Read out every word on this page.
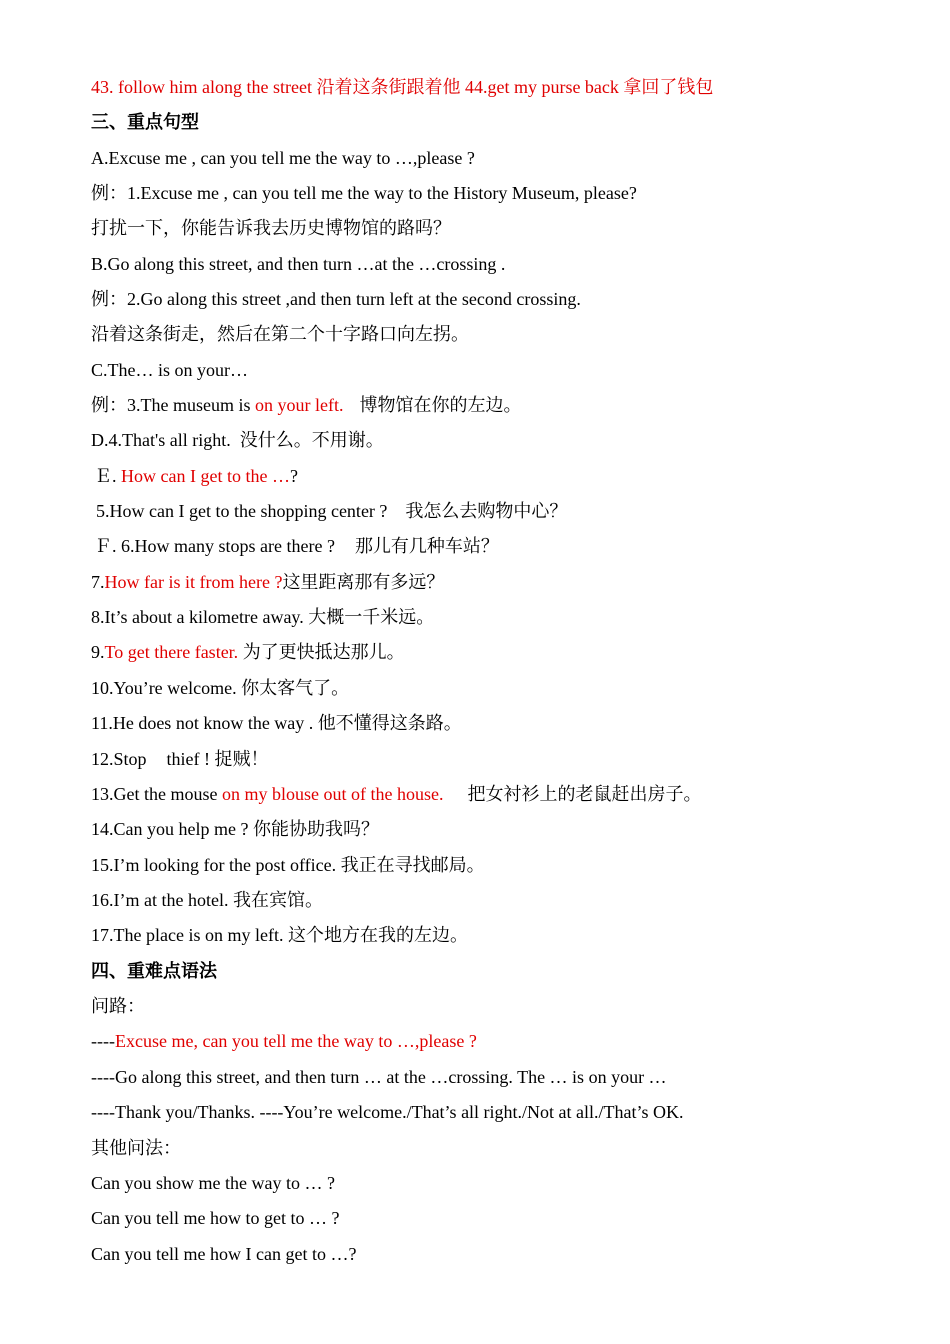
43. follow him along the street 沿着这条街跟着他 44.get my purse back 拿回了钱包
三、重点句型
A.Excuse me , can you tell me the way to …,please ?
例：1.Excuse me , can you tell me the way to the History Museum, please?
打扰一下，你能告诉我去历史博物馆的路吗？
B.Go along this street, and then turn …at the …crossing .
例：2.Go along this street ,and then turn left at the second crossing.
沿着这条街走，然后在第二个十字路口向左拐。
C.The… is on your…
例：3.The museum is on your left. 博物馆在你的左边。
D.4.That's all right. 没什么。不用谢。
Ｅ. How can I get to the …?
5.How can I get to the shopping center ? 我怎么去购物中心？
Ｆ. 6.How many stops are there ? 那儿有几种车站？
7.How far is it from here ?这里距离那有多远？
8.It’s about a kilometre away. 大概一千米远。
9.To get there faster. 为了更快抵达那儿。
10.You’re welcome. 你太客气了。
11.He does not know the way . 他不懂得这条路。
12.Stop thief ! 捉贼！
13.Get the mouse on my blouse out of the house. 把女衬衫上的老鼠赶出房子。
14.Can you help me ? 你能协助我吗？
15.I’m looking for the post office. 我正在寻找邮局。
16.I’m at the hotel. 我在宾馆。
17.The place is on my left. 这个地方在我的左边。
四、重难点语法
问路：
----Excuse me, can you tell me the way to …,please ?
----Go along this street, and then turn … at the …crossing. The … is on your …
----Thank you/Thanks. ----You’re welcome./That’s all right./Not at all./That’s OK.
其他问法：
Can you show me the way to … ?
Can you tell me how to get to … ?
Can you tell me how I can get to …?
